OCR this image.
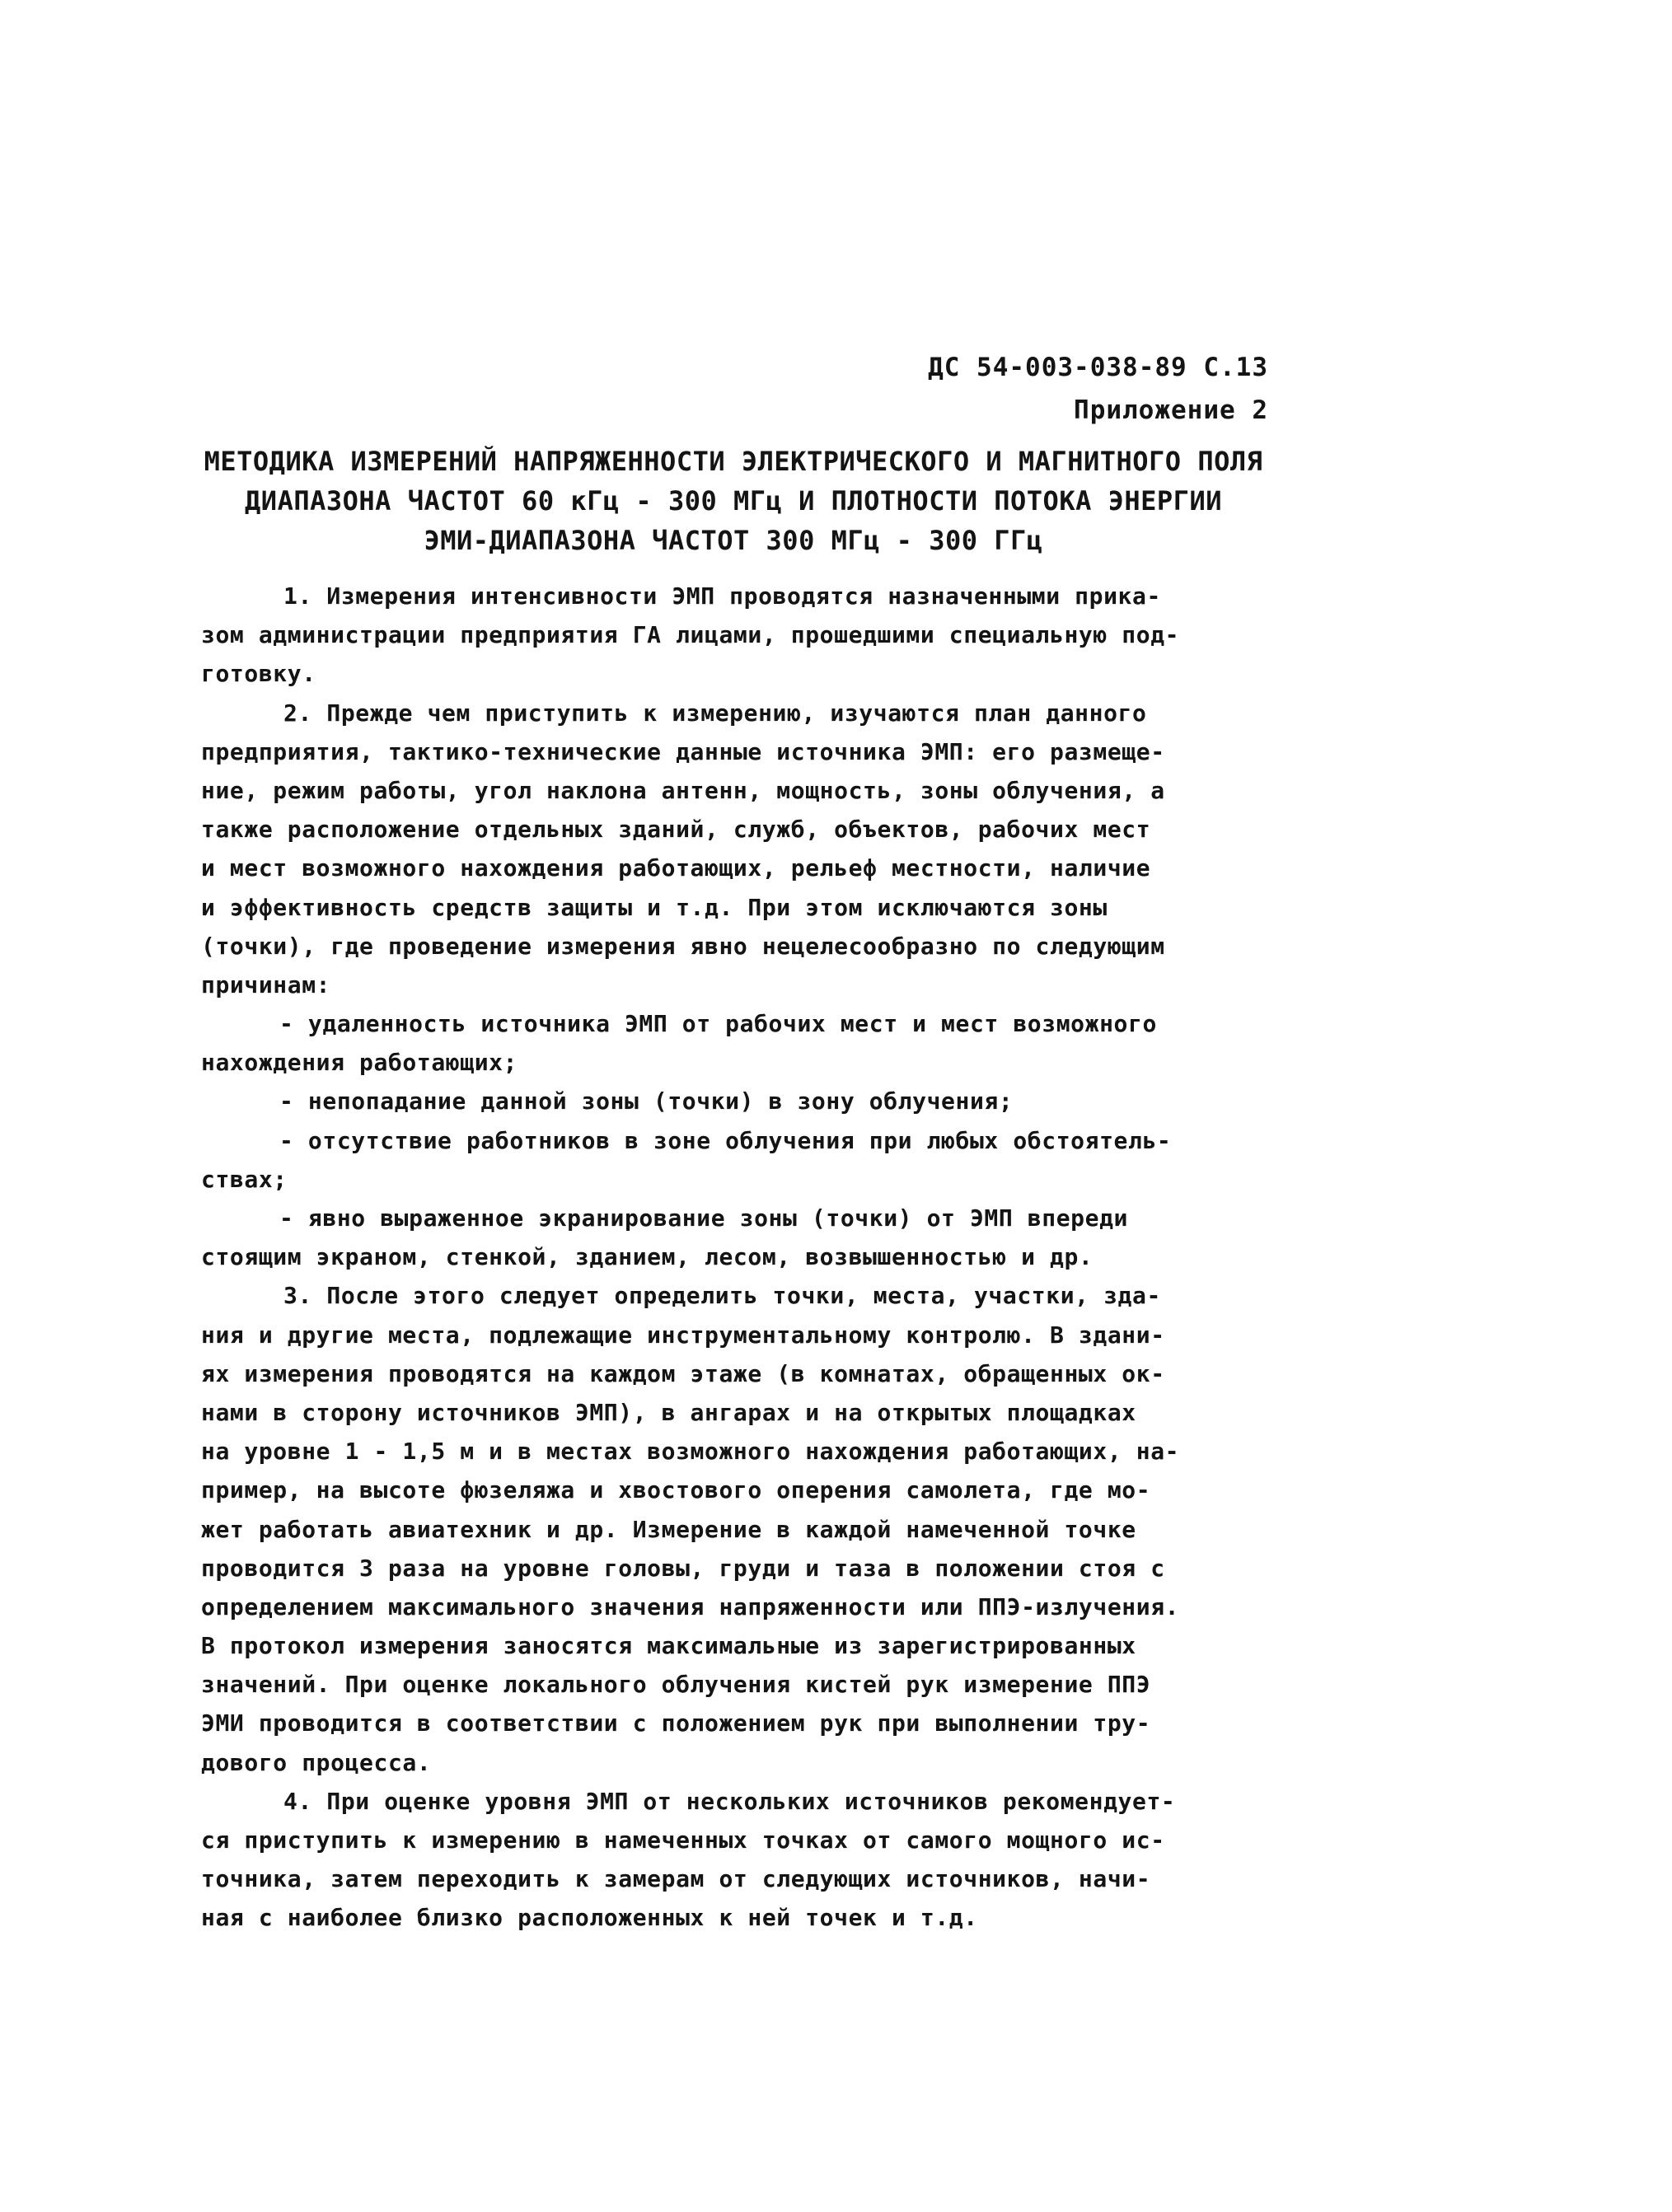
ДС 54-003-038-89 С.13
Приложение 2
МЕТОДИКА ИЗМЕРЕНИЙ НАПРЯЖЕННОСТИ ЭЛЕКТРИЧЕСКОГО И МАГНИТНОГО ПОЛЯ
ДИАПАЗОНА ЧАСТОТ 60 кГц - 300 МГц И ПЛОТНОСТИ ПОТОКА ЭНЕРГИИ
ЭМИ-ДИАПАЗОНА ЧАСТОТ 300 МГц - 300 ГГц
1. Измерения интенсивности ЭМП проводятся назначенными прика-
зом администрации предприятия ГА лицами, прошедшими специальную под-
готовку.
2. Прежде чем приступить к измерению, изучаются план данного
предприятия, тактико-технические данные источника ЭМП: его размеще-
ние, режим работы, угол наклона антенн, мощность, зоны облучения, а
также расположение отдельных зданий, служб, объектов, рабочих мест
и мест возможного нахождения работающих, рельеф местности, наличие
и эффективность средств защиты и т.д. При этом исключаются зоны
(точки), где проведение измерения явно нецелесообразно по следующим
причинам:
- удаленность источника ЭМП от рабочих мест и мест возможного
нахождения работающих;
- непопадание данной зоны (точки) в зону облучения;
- отсутствие работников в зоне облучения при любых обстоятель-
ствах;
- явно выраженное экранирование зоны (точки) от ЭМП впереди
стоящим экраном, стенкой, зданием, лесом, возвышенностью и др.
3. После этого следует определить точки, места, участки, зда-
ния и другие места, подлежащие инструментальному контролю. В здани-
ях измерения проводятся на каждом этаже (в комнатах, обращенных ок-
нами в сторону источников ЭМП), в ангарах и на открытых площадках
на уровне 1 - 1,5 м и в местах возможного нахождения работающих, на-
пример, на высоте фюзеляжа и хвостового оперения самолета, где мо-
жет работать авиатехник и др. Измерение в каждой намеченной точке
проводится 3 раза на уровне головы, груди и таза в положении стоя с
определением максимального значения напряженности или ППЭ-излучения.
В протокол измерения заносятся максимальные из зарегистрированных
значений. При оценке локального облучения кистей рук измерение ППЭ
ЭМИ проводится в соответствии с положением рук при выполнении тру-
дового процесса.
4. При оценке уровня ЭМП от нескольких источников рекомендует-
ся приступить к измерению в намеченных точках от самого мощного ис-
точника, затем переходить к замерам от следующих источников, начи-
ная с наиболее близко расположенных к ней точек и т.д.
